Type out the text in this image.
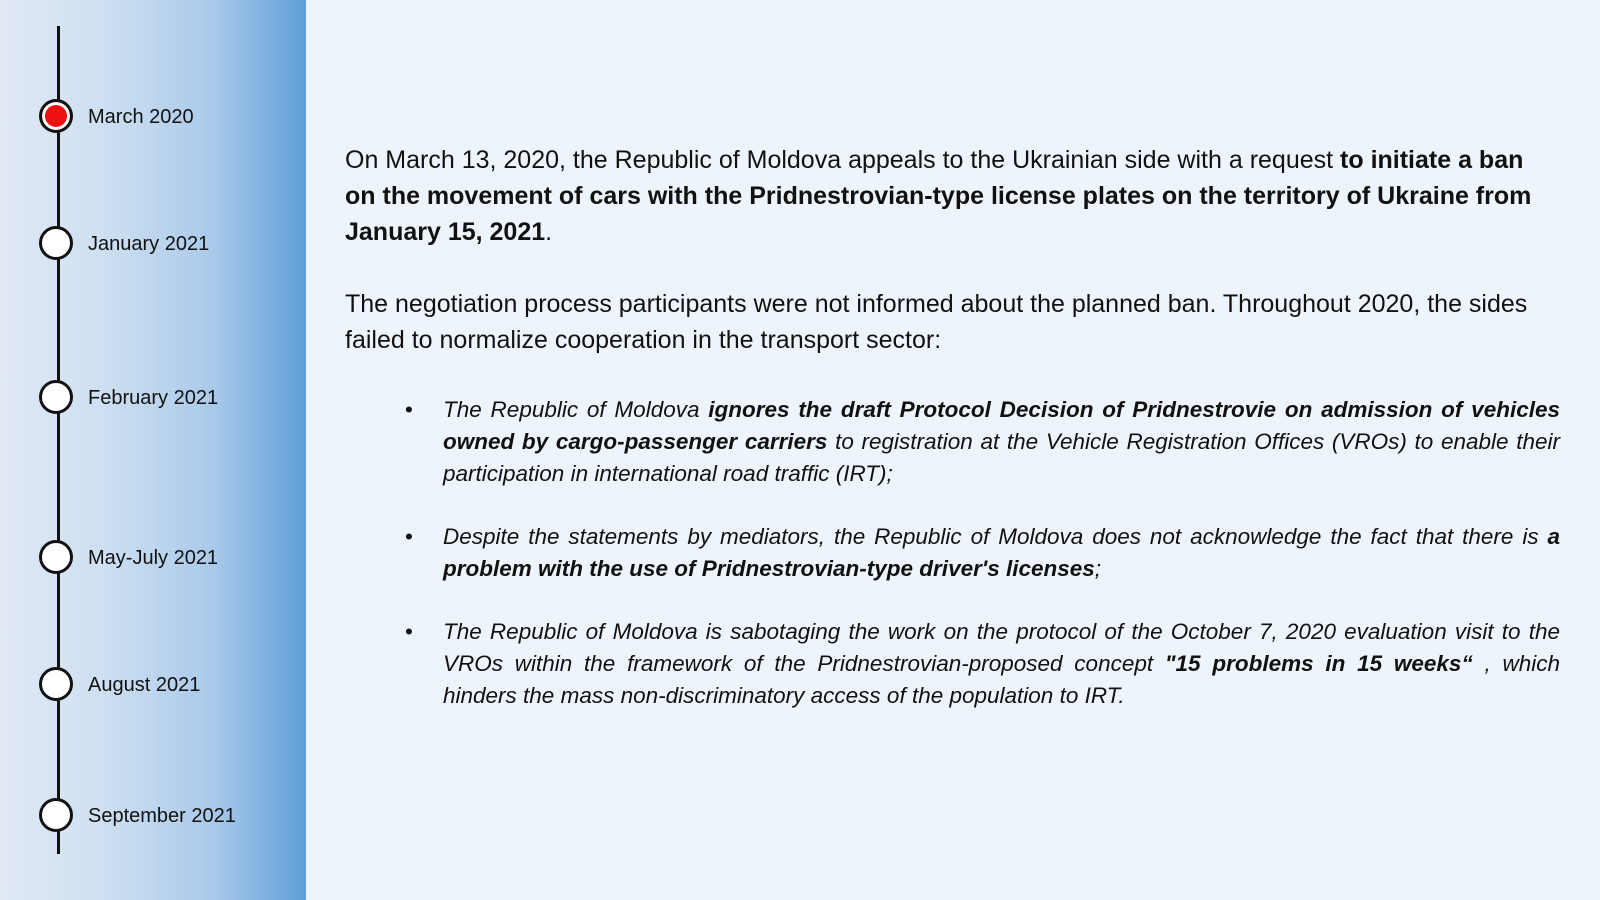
March 2020
January 2021
February 2021
May-July 2021
August 2021
September 2021

On March 13, 2020, the Republic of Moldova appeals to the Ukrainian side with a request to initiate a ban on the movement of cars with the Pridnestrovian-type license plates on the territory of Ukraine from January 15, 2021.

The negotiation process participants were not informed about the planned ban. Throughout 2020, the sides failed to normalize cooperation in the transport sector:

• The Republic of Moldova ignores the draft Protocol Decision of Pridnestrovie on admission of vehicles owned by cargo-passenger carriers to registration at the Vehicle Registration Offices (VROs) to enable their participation in international road traffic (IRT);
• Despite the statements by mediators, the Republic of Moldova does not acknowledge the fact that there is a problem with the use of Pridnestrovian-type driver's licenses;
• The Republic of Moldova is sabotaging the work on the protocol of the October 7, 2020 evaluation visit to the VROs within the framework of the Pridnestrovian-proposed concept "15 problems in 15 weeks“ , which hinders the mass non-discriminatory access of the population to IRT.
